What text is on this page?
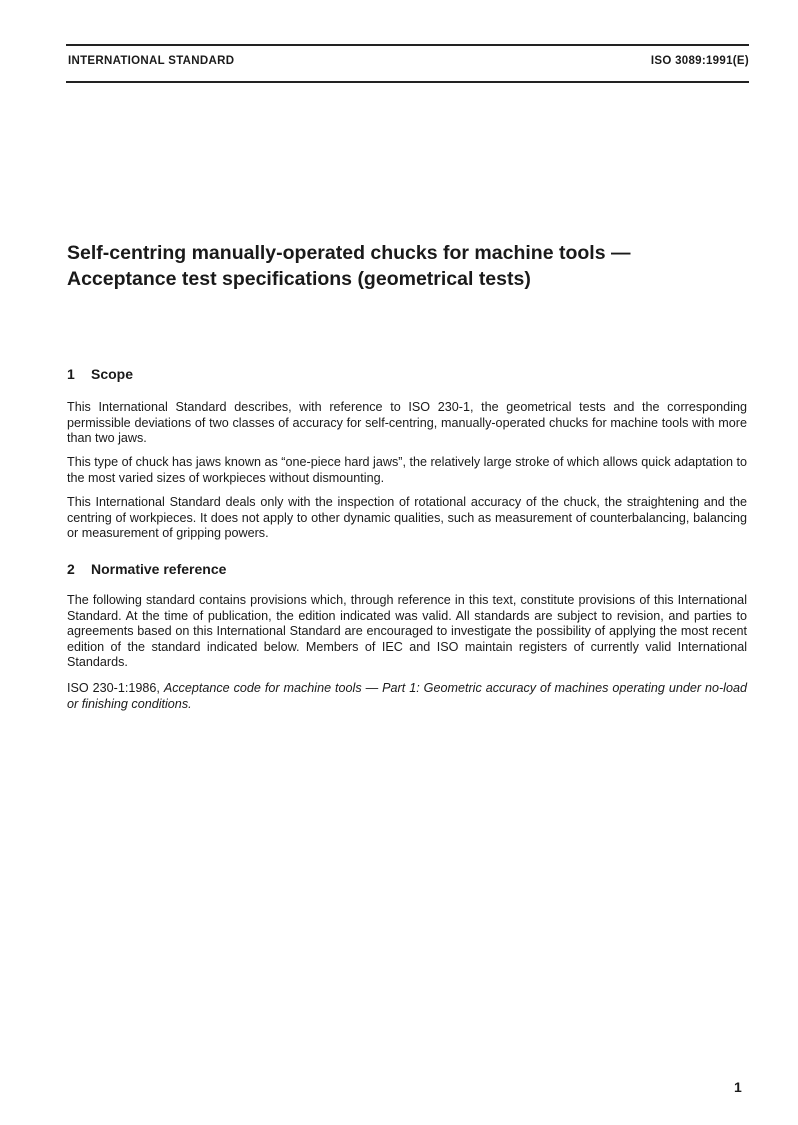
INTERNATIONAL STANDARD	ISO 3089:1991(E)
Self-centring manually-operated chucks for machine tools —
Acceptance test specifications (geometrical tests)
1 Scope

This International Standard describes, with reference to ISO 230-1, the geometrical tests and the corresponding permissible deviations of two classes of accuracy for self-centring, manually-operated chucks for machine tools with more than two jaws.

This type of chuck has jaws known as “one-piece hard jaws”, the relatively large stroke of which allows quick adaptation to the most varied sizes of workpieces without dismounting.

This International Standard deals only with the inspection of rotational accuracy of the chuck, the straightening and the centring of workpieces. It does not apply to other dynamic qualities, such as measurement of counterbalancing, balancing or measurement of gripping powers.

2 Normative reference

The following standard contains provisions which, through reference in this text, constitute provisions of this International Standard. At the time of publication, the edition indicated was valid. All standards are subject to revision, and parties to agreements based on this International Standard are encouraged to investigate the possibility of applying the most recent edition of the standard indicated below. Members of IEC and ISO maintain registers of currently valid International Standards.

ISO 230-1:1986, Acceptance code for machine tools — Part 1: Geometric accuracy of machines operating under no-load or finishing conditions.

1
